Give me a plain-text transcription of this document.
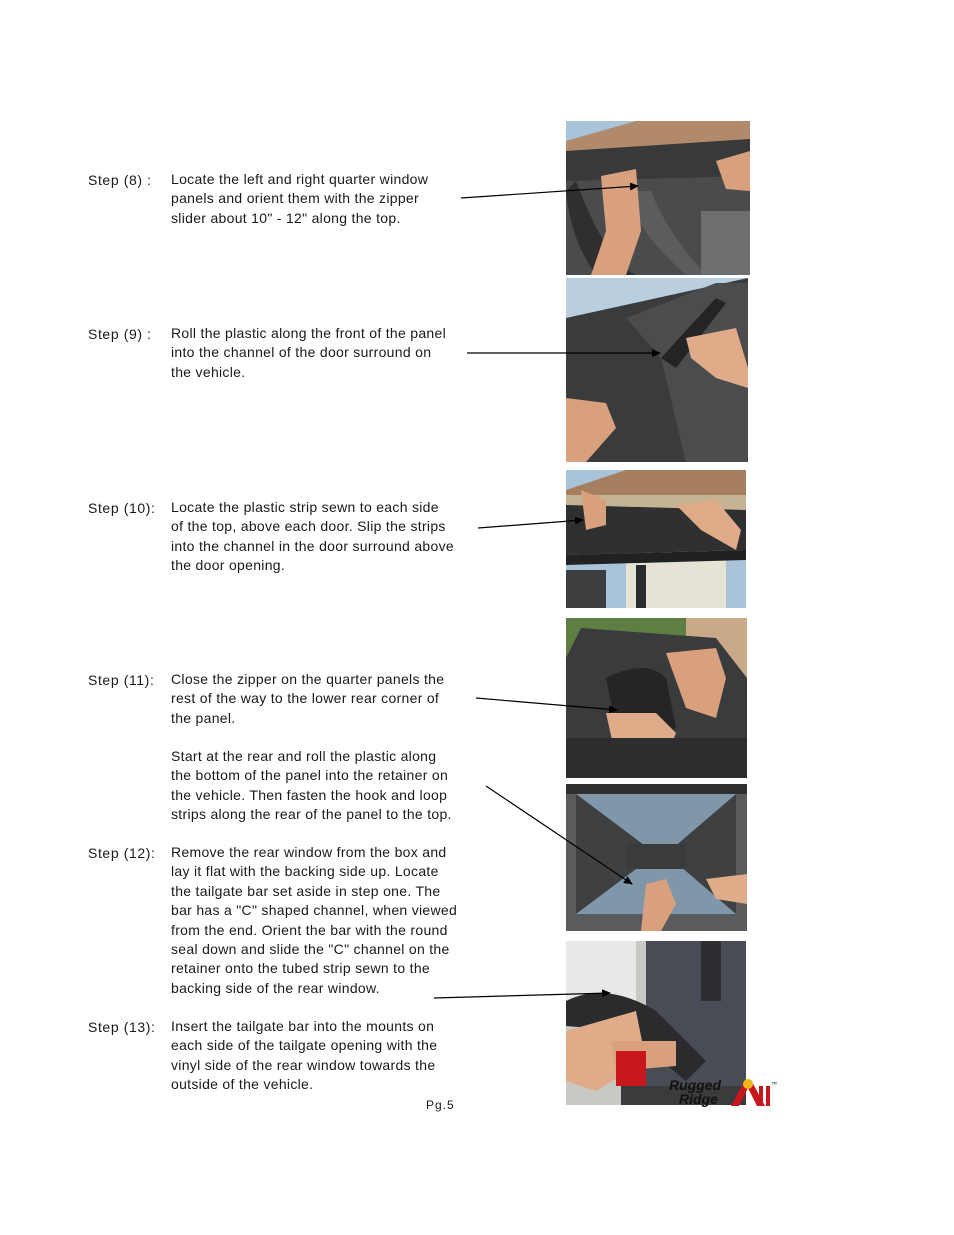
Step (8) : Locate the left and right quarter window
panels and orient them with the zipper
slider about 10" - 12" along the top.
Step (9) : Roll the plastic along the front of the panel
into the channel of the door surround on
the vehicle.
Step (10): Locate the plastic strip sewn to each side
of the top, above each door. Slip the strips
into the channel in the door surround above
the door opening.
Step (11): Close the zipper on the quarter panels the
rest of the way to the lower rear corner of
the panel.
Start at the rear and roll the plastic along
the bottom of the panel into the retainer on
the vehicle. Then fasten the hook and loop
strips along the rear of the panel to the top.
Step (12): Remove the rear window from the box and
lay it flat with the backing side up. Locate
the tailgate bar set aside in step one. The
bar has a "C" shaped channel, when viewed
from the end. Orient the bar with the round
seal down and slide the "C" channel on the
retainer onto the tubed strip sewn to the
backing side of the rear window.
Step (13): Insert the tailgate bar into the mounts on
each side of the tailgate opening with the
vinyl side of the rear window towards the
outside of the vehicle.
Pg.5
Rugged
Ridge
™
